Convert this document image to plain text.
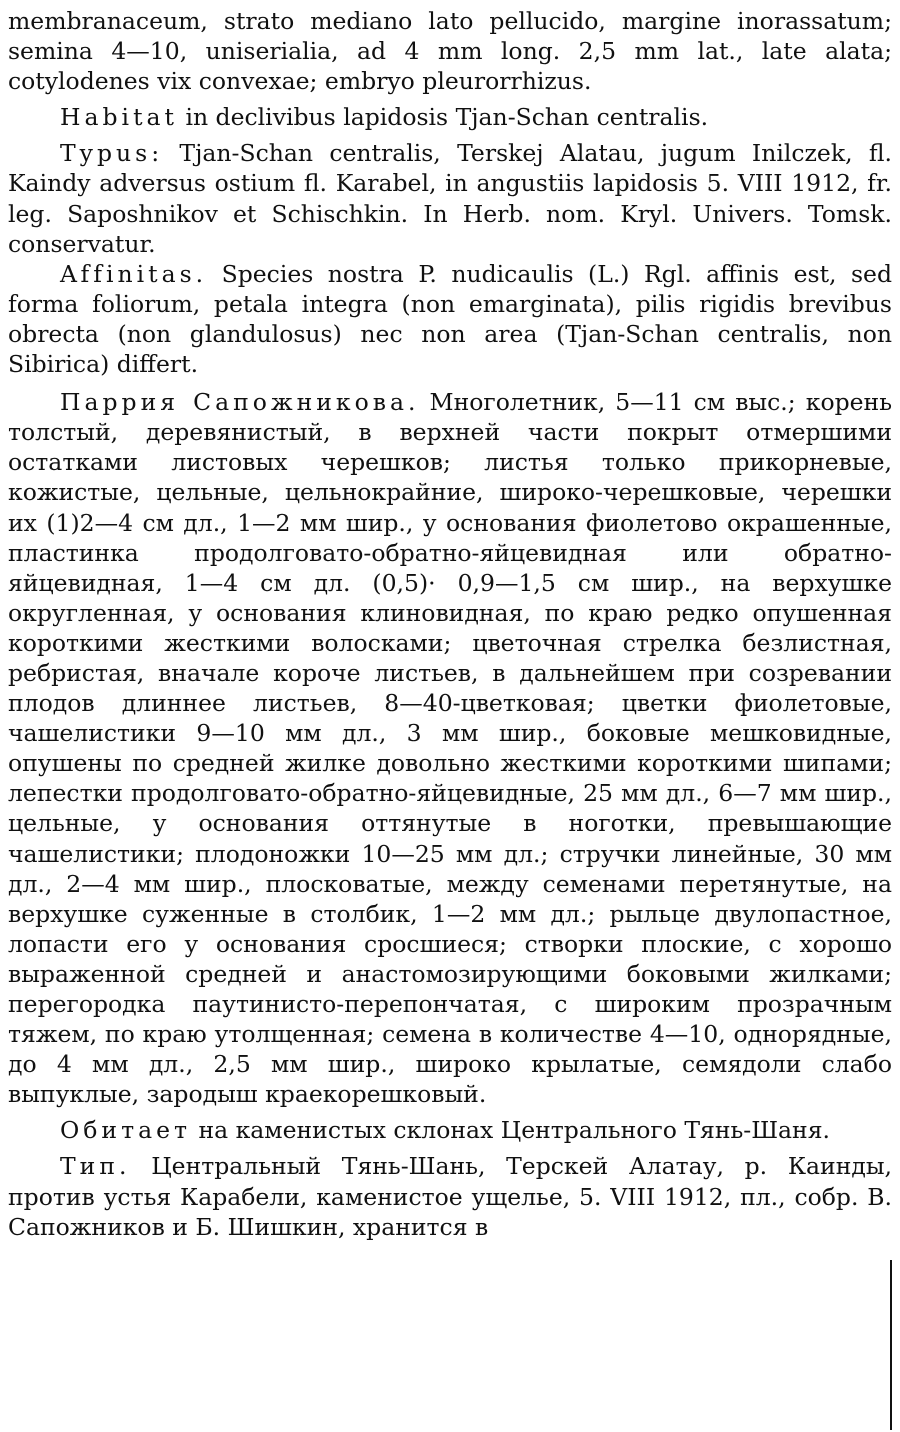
membranaceum, strato mediano lato pellucido, margine inorassatum; semina 4—10, uniserialia, ad 4 mm long. 2,5 mm lat., late alata; cotylodenes vix convexae; embryo pleurorrhizus.

Habitat in declivibus lapidosis Tjan-Schan centralis.

Typus: Tjan-Schan centralis, Terskej Alatau, jugum Inilczek, fl. Kaindy adversus ostium fl. Karabel, in angustiis lapidosis 5. VIII 1912, fr. leg. Saposhnikov et Schischkin. In Herb. nom. Kryl. Univers. Tomsk. conservatur.

Affinitas. Species nostra P. nudicaulis (L.) Rgl. affinis est, sed forma foliorum, petala integra (non emarginata), pilis rigidis brevibus obrecta (non glandulosus) nec non area (Tjan-Schan centralis, non Sibirica) differt.

Паррия Сапожникова. Многолетник, 5—11 см выс.; корень толстый, деревянистый, в верхней части покрыт отмершими остатками листовых черешков; листья только прикорневые, кожистые, цельные, цельнокрайние, широко-черешковые, черешки их (1)2—4 см дл., 1—2 мм шир., у основания фиолетово окрашенные, пластинка продолговато-обратно-яйцевидная или обратно-яйцевидная, 1—4 см дл. (0,5)· 0,9—1,5 см шир., на верхушке округленная, у основания клиновидная, по краю редко опушенная короткими жесткими волосками; цветочная стрелка безлистная, ребристая, вначале короче листьев, в дальнейшем при созревании плодов длиннее листьев, 8—40-цветковая; цветки фиолетовые, чашелистики 9—10 мм дл., 3 мм шир., боковые мешковидные, опушены по средней жилке довольно жесткими короткими шипами; лепестки продолговато-обратно-яйцевидные, 25 мм дл., 6—7 мм шир., цельные, у основания оттянутые в ноготки, превышающие чашелистики; плодоножки 10—25 мм дл.; стручки линейные, 30 мм дл., 2—4 мм шир., плосковатые, между семенами перетянутые, на верхушке суженные в столбик, 1—2 мм дл.; рыльце двулопастное, лопасти его у основания сросшиеся; створки плоские, с хорошо выраженной средней и анастомозирующими боковыми жилками; перегородка паутинисто-перепончатая, с широким прозрачным тяжем, по краю утолщенная; семена в количестве 4—10, однорядные, до 4 мм дл., 2,5 мм шир., широко крылатые, семядоли слабо выпуклые, зародыш краекорешковый.

Обитает на каменистых склонах Центрального Тянь-Шаня.

Тип. Центральный Тянь-Шань, Терскей Алатау, р. Каинды, против устья Карабели, каменистое ущелье, 5. VIII 1912, пл., собр. В. Сапожников и Б. Шишкин, хранится в
